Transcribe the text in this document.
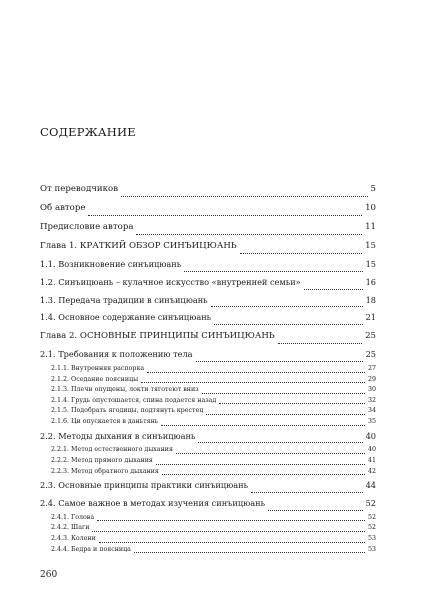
СОДЕРЖАНИЕ
От переводчиков	5
Об авторе	10
Предисловие автора	11
Глава 1. КРАТКИЙ ОБЗОР СИНЪИЦЮАНЬ	15
1.1. Возникновение синъицюань	15
1.2. Синъицюань – кулачное искусство «внутренней семьи»	16
1.3. Передача традиции в синъицюань	18
1.4. Основное содержание синъицюань	21
Глава 2. ОСНОВНЫЕ ПРИНЦИПЫ СИНЪИЦЮАНЬ	25
2.1. Требования к положению тела	25
2.1.1. Внутренняя распорка	27
2.1.2. Оседание поясницы	29
2.1.3. Плечи опущены, локти тяготеют вниз	30
2.1.4. Грудь опустошается, спина подается назад	32
2.1.5. Подобрать ягодицы, подтянуть крестец	34
2.1.6. Ци опускается в даньтянь	35
2.2. Методы дыхания в синъицюань	40
2.2.1. Метод естественного дыхания	40
2.2.2. Метод прямого дыхания	41
2.2.3. Метод обратного дыхания	42
2.3. Основные принципы практики синъицюань	44
2.4. Самое важное в методах изучения синъицюань	52
2.4.1. Голова	52
2.4.2. Шаги	52
2.4.3. Колени	53
2.4.4. Бедра и поясница	53
260
